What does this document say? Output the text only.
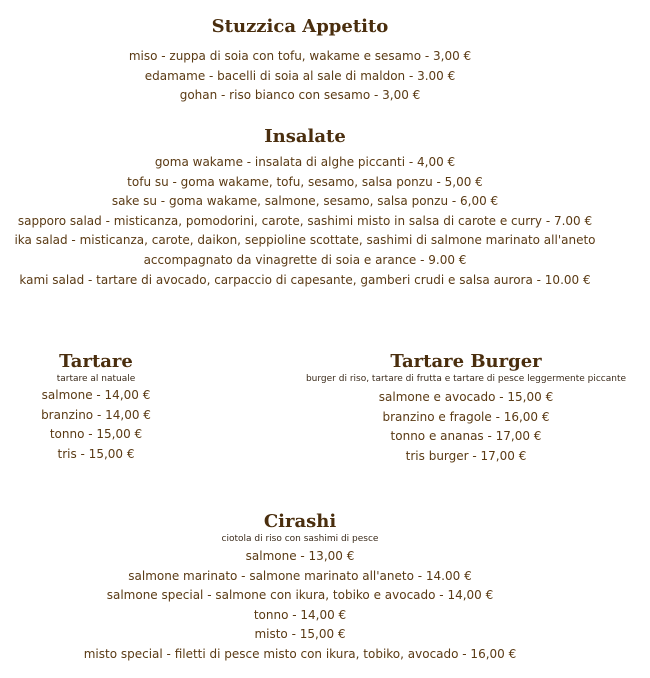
Stuzzica Appetito
miso - zuppa di soia con tofu, wakame e sesamo - 3,00 €
edamame - bacelli di soia al sale di maldon - 3.00 €
gohan - riso bianco con sesamo - 3,00 €
Insalate
goma wakame - insalata di alghe piccanti - 4,00 €
tofu su - goma wakame, tofu, sesamo, salsa ponzu - 5,00 €
sake su - goma wakame, salmone, sesamo, salsa ponzu - 6,00 €
sapporo salad - misticanza, pomodorini, carote, sashimi misto in salsa di carote e curry - 7.00 €
ika salad - misticanza, carote, daikon, seppioline scottate, sashimi di salmone marinato all'aneto
accompagnato da vinagrette di soia e arance - 9.00 €
kami salad - tartare di avocado, carpaccio di capesante, gamberi crudi e salsa aurora - 10.00 €
Tartare

tartare al natuale

salmone - 14,00 €
branzino - 14,00 €
tonno - 15,00 €
tris - 15,00 €
Tartare Burger

burger di riso, tartare di frutta e tartare di pesce leggermente piccante

salmone e avocado - 15,00 €
branzino e fragole - 16,00 €
tonno e ananas - 17,00 €
tris burger - 17,00 €
Cirashi

ciotola di riso con sashimi di pesce

salmone - 13,00 €
salmone marinato - salmone marinato all'aneto - 14.00 €
salmone special - salmone con ikura, tobiko e avocado - 14,00 €
tonno - 14,00 €
misto - 15,00 €
misto special - filetti di pesce misto con ikura, tobiko, avocado - 16,00 €
